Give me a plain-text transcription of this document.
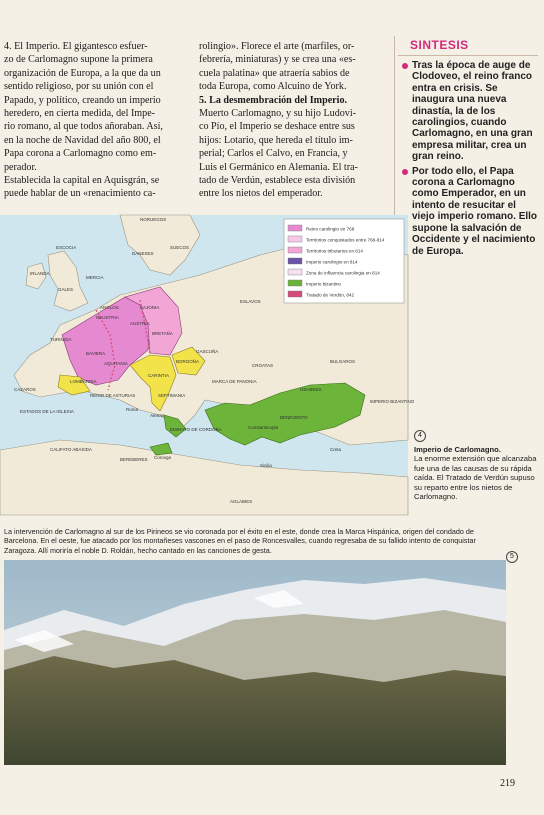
4. El Imperio. El gigantesco esfuer-

zo de Carlomagno supone la primera

organización de Europa, a la que da un

sentido religioso, por su unión con el

Papado, y político, creando un imperio

heredero, en cierta medida, del Impe-

rio romano, al que todos añoraban. Así,

en la noche de Navidad del año 800, el

Papa corona a Carlomagno como em-

perador.

Establecida la capital en Aquisgrán, se

puede hablar de un «renacimiento ca-

rolingio». Florece el arte (marfiles, or-

febrería, miniaturas) y se crea una «es-

cuela palatina» que atraería sabios de

toda Europa, como Alcuino de York.

5. La desmembración del Imperio.

Muerto Carlomagno, y su hijo Ludovi-

co Pío, el Imperio se deshace entre sus

hijos: Lotario, que hereda el título im-

perial; Carlos el Calvo, en Francia, y

Luis el Germánico en Alemania. El tra-

tado de Verdún, establece esta división

entre los nietos del emperador.

SINTESIS
Tras la época de auge de Clodoveo, el reino franco entra en crisis. Se inaugura una nueva dinastía, la de los carolingios, cuando Carlomagno, en una gran empresa militar, crea un gran reino.
Por todo ello, el Papa corona a Carlomagno como Emperador, en un intento de resucitar el viejo imperio romano. Ello supone la salvación de Occidente y el nacimiento de Europa.
Reino carolingio en 768
Territorios conquistados entre 768-814
Territorios tributarios en 814
Imperio carolingio en 814
Zona de influencia carolingia en 814
Imperio bizantino
Tratado de Verdún, 842
NORUEGOS
SUECOS
DANESES
IRLANDA
ESCOCIA
GALES
MERCIA
ANGLOS
ESLAVOS
SAJONIA
AUSTRIA
NEUSTRIA
TURINGIA
BRETAÑA
BAVIERA
AQUITANIA	BORGOÑA
CARINTIA
LOMBARDIA
GASCUÑA
MARCA DE PANONIA
CROATAS
BULGAROS
CAZAROS
REINO DE ASTURIAS	SEPTIMANIA
ESTADOS DE LA IGLESIA
EMIRATO DE CORDOBA
BENEVENTO
IMPERIO BIZANTINO
CALIFATO ABASIDA
BEREBERES
AGLABIES
IJSHIDIES
Constantinopla
Atenas
Roma
Córcega
Sicilia
Creta
4
Imperio de Carlomagno.
La enorme extensión que alcanzaba fue una de las causas de su rápida caída. El Tratado de Verdún supuso su reparto entre los nietos de Carlomagno.
La intervención de Carlomagno al sur de los Pirineos se vio coronada por el éxito en el este, donde crea la Marca Hispánica, origen del condado de Barcelona. En el oeste, fue atacado por los montañeses vascones en el paso de Roncesvalles, cuando regresaba de su fallido intento de conquistar Zaragoza. Allí moriría el noble D. Roldán, hecho cantado en las canciones de gesta.
5
219
